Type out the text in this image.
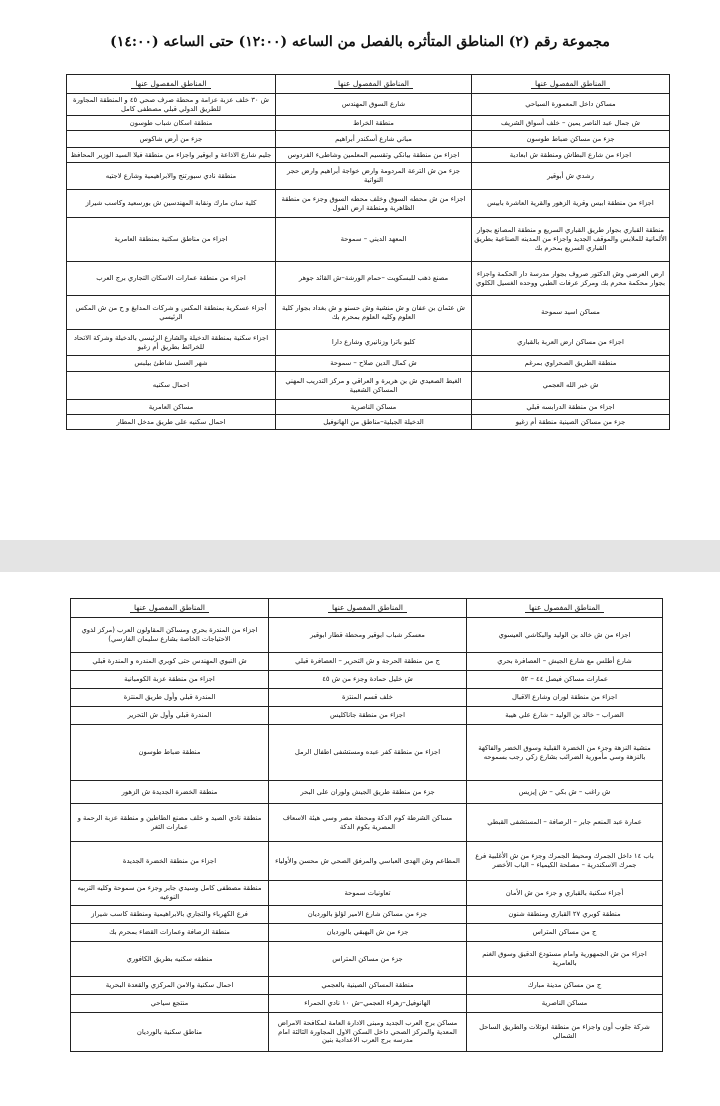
مجموعة رقم (٢) المناطق المتأثره بالفصل من الساعه (١٢:٠٠) حتى الساعه (١٤:٠٠)
المناطق المفصول عنها	المناطق المفصول عنها	المناطق المفصول عنها
مساكن داخل المعمورة السياحي	شارع السوق المهندس	ش ٣٠ خلف عزبة عزامة و محطة صرف صحي ٤٥ و المنطقة المجاورة للطريق الدولي قبلي مصطفى كامل
ش جمال عبد الناصر يمين – خلف أسواق الشريف	منطقة الخراط	منطقة اسكان شباب طوسون
جزء من مساكن ضباط طوسون	مباني شارع أسكندر أبراهيم	جزء من أرض شاكوس
اجزاء من شارع البطاش ومنطقة ش ابعادية	اجزاء من منطقة بيانكي وتقسيم المعلمين وشاطىء الفردوس	جليم شارع الاذاعة و ابوقير واجزاء من منطقة فيلا السيد الوزير المحافظ
رشدي ش أبوقير	جزء من ش الترعة المردومة وارض خواجة أبراهيم وارض حجر النواتية	منطقة نادي سبورتنج والابراهيمية وشارع لاجتيه
اجزاء من منطقة ابيس وقرية الزهور والقرية العاشرة بابيس	اجزاء من ش محطه السوق وخلف محطه السوق وجزء من منطقة الظاهرية ومنطقة ارض الفول	كلية سان مارك ونقابة المهندسين ش بورسعيد وكاسب شيراز
منطقة القباري بجوار طريق القباري السريع و منطقة المصانع بجوار الألمانية للملابس والموقف الجديد واجزاء من المدينه الصناعية بطريق القباري السريع بمحرم بك	المعهد الديني – سموحة	اجزاء من مناطق سكنية بمنطقة العامرية
ارض العرضي وش الدكتور صروف بجوار مدرسة دار الحكمة واجزاء بجوار محكمة محرم بك ومركز عرفات الطبي ووحده الغسيل الكلوي	مصنع ذهب للبسكويت –حمام الورشة–ش القائد جوهر	اجزاء من منطقة عمارات الاسكان التجاري برج العرب
مساكن اسيد سموحة	ش عثمان بن عفان و ش منشية وش حسنو و ش بغداد بجوار كلية العلوم وكليه العلوم بمحرم بك	أجزاء عسكرية بمنطقة المكس و شركات المدابغ و ح من ش المكس الرئيسي
اجزاء من مساكن ارض العربة بالقباري	كليو باترا وزنانيري وشارع دارا	اجزاء سكنية بمنطقة الدخيلة والشارع الرئيسي بالدخيلة وشركة الاتحاد للخرائط بطريق أم زغيو
منطقة الطريق الصحراوي بمرغم	ش كمال الدين صلاح – سموحة	شهر العسل شاطئ بيلبس
ش خير الله العجمي	الغيط الصعيدي ش بن هريرة و العراقي و مركز التدريب المهني المساكن الشعبية	احمال سكنيه
اجزاء من منطقة الدرابسه قبلي	مساكن الناصرية	مساكن العامرية
جزء من مساكن الصينية منطقة أم زغيو	الدخيلة الجبلية–مناطق من الهانوفيل	احمال سكنيه على طريق مدخل المطار
المناطق المفصول عنها	المناطق المفصول عنها	المناطق المفصول عنها
اجزاء من ش خالد بن الوليد والبكاشي العيسوي	معسكر شباب ابوقير ومحطة قطار ابوقير	اجزاء من المندرة بحري ومساكن المقاولون العرب (مركز لذوي الاحتياجات الخاصة بشارع سليمان الفارسي)
شارع أطلس مع شارع الجيش – العصافرة بحري	ج من منطقة الحرجة و ش التحرير – العصافرة قبلي	ش النبوي المهندس حتى كوبري المندره و المندرة قبلي
عمارات مساكن فيصل ٤٤ – ٥٢	ش خليل حمادة وجزء من ش ٤٥	اجزاء من منطقة عزبة الكومبانية
اجزاء من منطقة لوران وشارع الاقبال	خلف قسم المنتزة	المندرة قبلي وأول طريق المنتزة
الضراب – خالد بن الوليد – شارع علي هيبة	اجزاء من منطقة جاناكليس	المندرة قبلي وأول ش التحرير
منشية النزهة وجزء من الخضرة القبلية وسوق الخضر والفاكهة بالنزهة وسي مأمورية الضرائب بشارع زكي رجب بسموحه	اجزاء من منطقة كفر عبده ومستشفى اطفال الرمل	منطقة ضباط طوسون
ش راغب – ش بكي – ش إيزيس	جزء من منطقة طريق الجيش ولوران على البحر	منطقة الخضرة الجديدة ش الزهور
عمارة عبد المنعم جابر – الرصافة – المستشفى القبطي	مساكن الشرطة كوم الدكة ومحطة مصر وسي هيئة الاسعاف المصرية بكوم الدكة	منطقة نادي الصيد و خلف مصنع الطاطين و منطقة عزبة الرحمة و عمارات الثغر
باب ١٤ داخل الجمرك ومحيط الجمرك وجزء من ش الأغلبية فرع جمرك الاسكندرية – مصلحة الكيمياء – الباب الأخضر	المطاعم وش الهدى العباسي والمرفق الصحي ش محسن والأولياء	اجزاء من منطقة الخضرة الجديدة
أجزاء سكنية بالقباري و جزء من ش الأمان	تعاونيات سموحة	منطقة مصطفى كامل وسيدي جابر وجزء من سموحة وكليه التربيه النوعيه
منطقة كوبري ٢٧ القباري ومنطقة شنون	جزء من مساكن شارع الامير لؤلؤ بالورديان	فرع الكهرباء والتجاري بالابراهيمية ومنطقة كاسب شيراز
ج من مساكن المتراس	جزء من ش البهبقي بالورديان	منطقة الرصافة وعمارات القضاء بمحرم بك
اجزاء من ش الجمهورية وامام مستودع الدقيق وسوق الغنم بالعامرية	جزء من مساكن المتراس	منطقه سكنيه بطريق الكافوري
ج من مساكن مدينة مبارك	منطقة المساكن الصينية بالعجمي	احمال سكنية والامن المركزي والقعدة البحرية
مساكن الناصرية	الهانوفيل–زهراء العجمي–ش ١٠ نادي الحمراء	منتجع سياحي
شركة جلوب أون واجزاء من منطقة ابوتلات والطريق الساحل الشمالي	مساكن برج العرب الجديد ومبنى الادارة العامة لمكافحة الامراض المعدية والمركز الصحي داخل السكن الاول المجاورة الثالثة امام مدرسه برج العرب الاعدادية بنين	مناطق سكنية بالورديان
